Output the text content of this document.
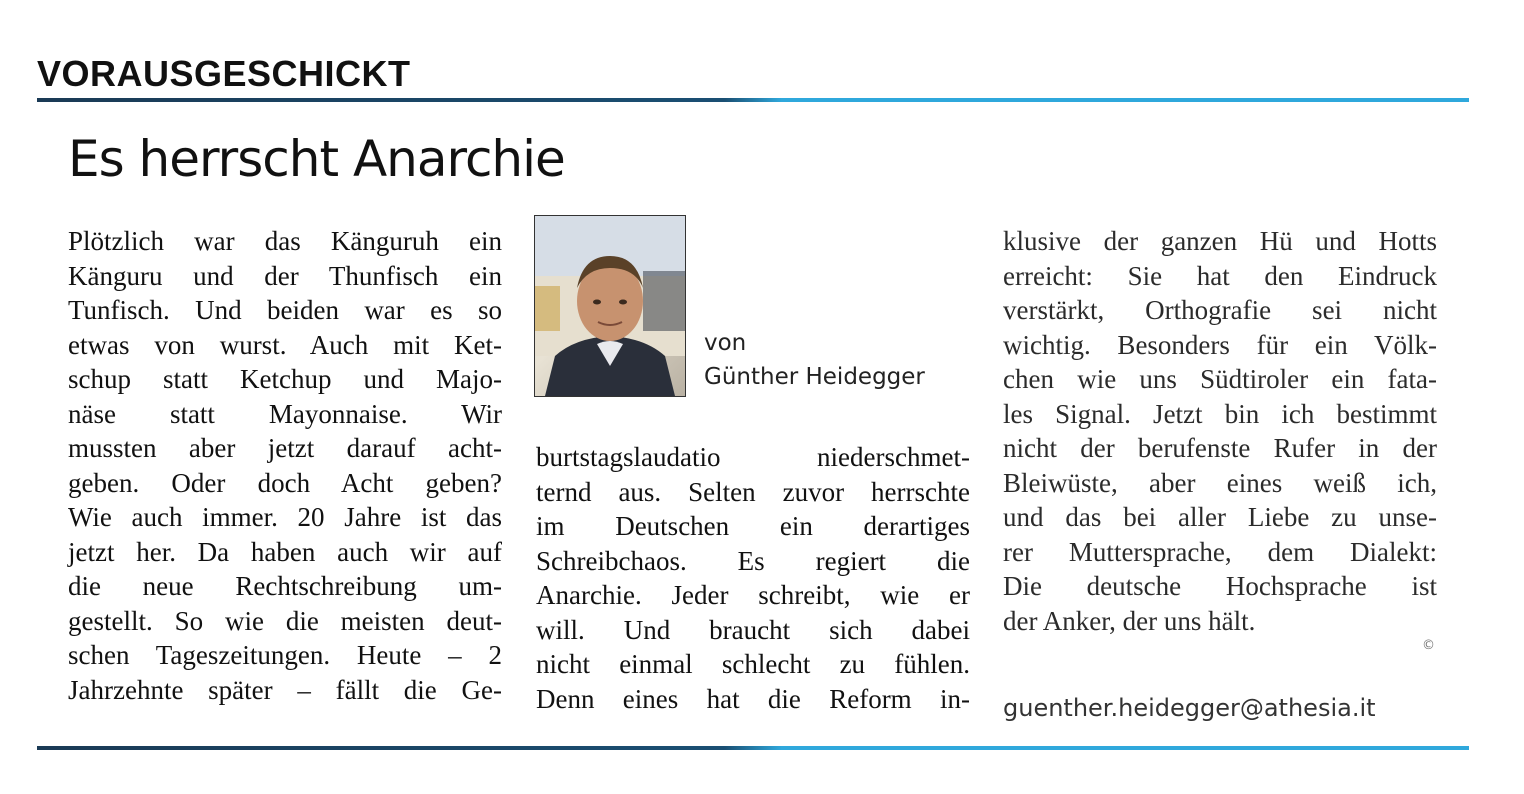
VORAUSGESCHICKT
Es herrscht Anarchie
Plötzlich war das Känguruh ein
Känguru und der Thunfisch ein
Tunfisch. Und beiden war es so
etwas von wurst. Auch mit Ket-
schup statt Ketchup und Majo-
näse statt Mayonnaise. Wir
mussten aber jetzt darauf acht-
geben. Oder doch Acht geben?
Wie auch immer. 20 Jahre ist das
jetzt her. Da haben auch wir auf
die neue Rechtschreibung um-
gestellt. So wie die meisten deut-
schen Tageszeitungen. Heute – 2
Jahrzehnte später – fällt die Ge-
von
Günther Heidegger
burtstagslaudatio niederschmet-
ternd aus. Selten zuvor herrschte
im Deutschen ein derartiges
Schreibchaos. Es regiert die
Anarchie. Jeder schreibt, wie er
will. Und braucht sich dabei
nicht einmal schlecht zu fühlen.
Denn eines hat die Reform in-
klusive der ganzen Hü und Hotts
erreicht: Sie hat den Eindruck
verstärkt, Orthografie sei nicht
wichtig. Besonders für ein Völk-
chen wie uns Südtiroler ein fata-
les Signal. Jetzt bin ich bestimmt
nicht der berufenste Rufer in der
Bleiwüste, aber eines weiß ich,
und das bei aller Liebe zu unse-
rer Muttersprache, dem Dialekt:
Die deutsche Hochsprache ist
der Anker, der uns hält.
©
guenther.heidegger@athesia.it
